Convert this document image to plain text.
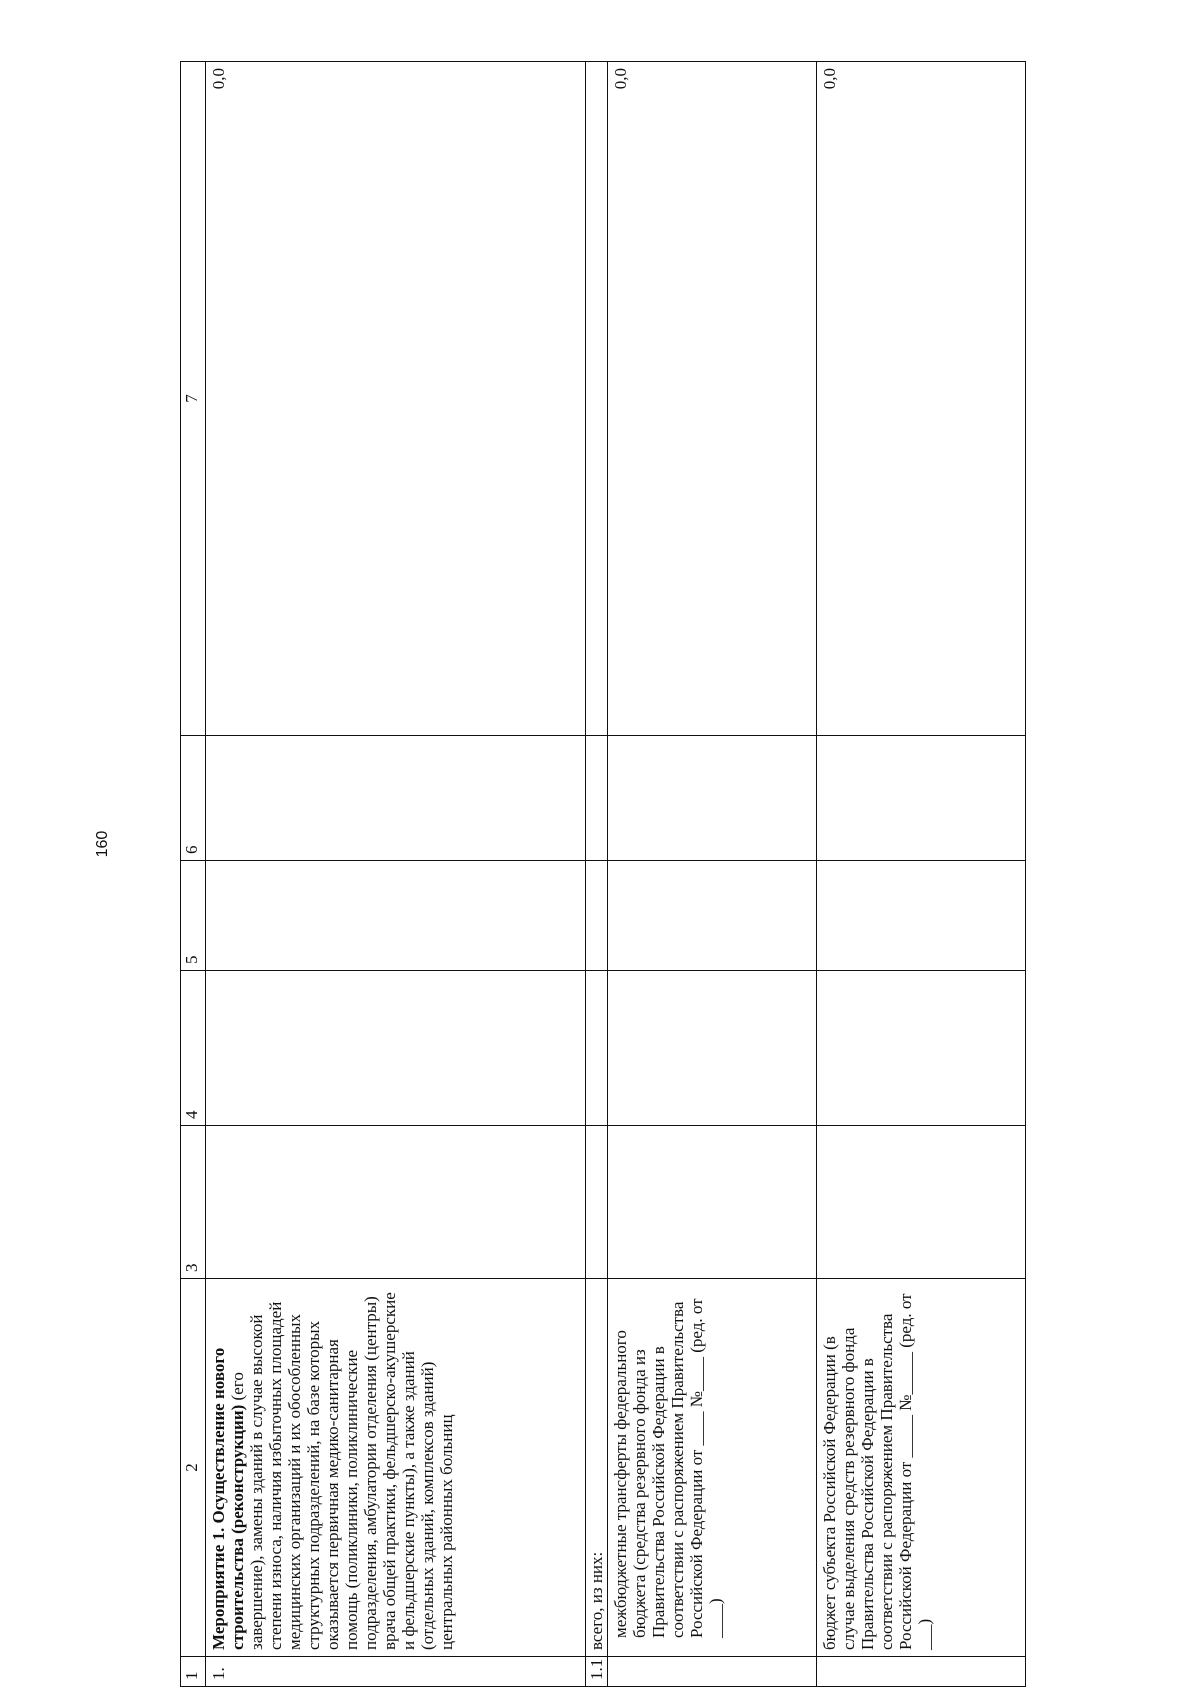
160
1	2	3	4	5	6	7
1.	Мероприятие 1. Осуществление нового строительства (реконструкции) (его завершение), замены зданий в случае высокой степени износа, наличия избыточных площадей медицинских организаций и их обособленных структурных подразделений, на базе которых оказывается первичная медико-санитарная помощь (поликлиники, поликлинические подразделения, амбулатории отделения (центры) врача общей практики, фельдшерско-акушерские и фельдшерские пункты), а также зданий (отдельных зданий, комплексов зданий) центральных районных больниц					0,0
1.1	всего, из них:					
	межбюджетные трансферты федерального бюджета (средства резервного фонда из Правительства Российской Федерации в соответствии с распоряжением Правительства Российской Федерации от ____ №____ (ред. от ____)					0,0
	бюджет субъекта Российской Федерации (в случае выделения средств резервного фонда Правительства Российской Федерации в соответствии с распоряжением Правительства Российской Федерации от _____ №_____ (ред. от ___)					0,0
